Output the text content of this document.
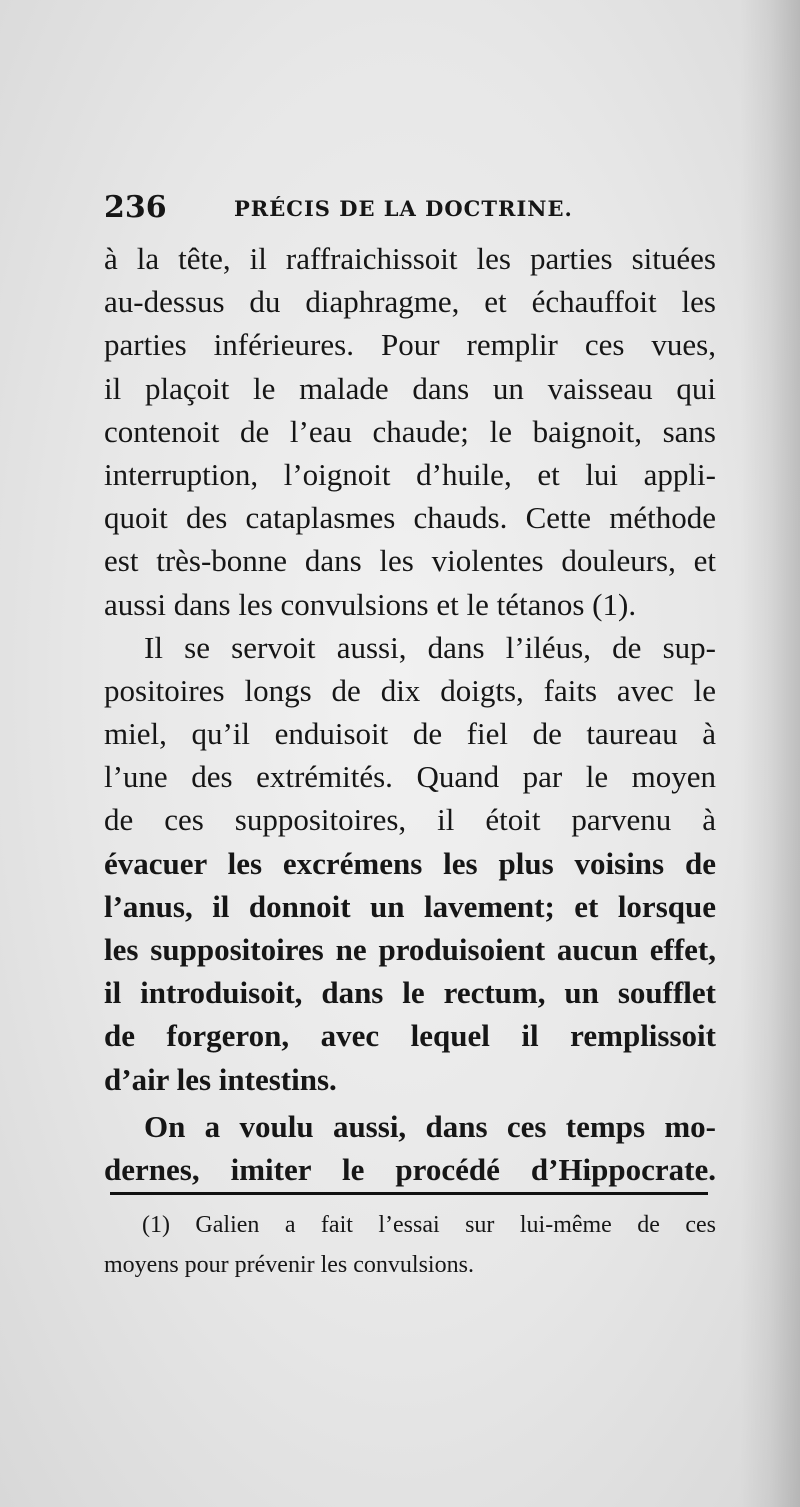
236	PRÉCIS DE LA DOCTRINE.

à la tête, il raffraichissoit les parties situées
au-dessus du diaphragme, et échauffoit les
parties inférieures. Pour remplir ces vues,
il plaçoit le malade dans un vaisseau qui
contenoit de l’eau chaude; le baignoit, sans
interruption, l’oignoit d’huile, et lui appli-
quoit des cataplasmes chauds. Cette méthode
est très-bonne dans les violentes douleurs, et
aussi dans les convulsions et le tétanos (1).

Il se servoit aussi, dans l’iléus, de sup-
positoires longs de dix doigts, faits avec le
miel, qu’il enduisoit de fiel de taureau à
l’une des extrémités. Quand par le moyen
de ces suppositoires, il étoit parvenu à
évacuer les excrémens les plus voisins de
l’anus, il donnoit un lavement; et lorsque
les suppositoires ne produisoient aucun effet,
il introduisoit, dans le rectum, un soufflet
de forgeron, avec lequel il remplissoit
d’air les intestins.

On a voulu aussi, dans ces temps mo-
dernes, imiter le procédé d’Hippocrate.

(1) Galien a fait l’essai sur lui-même de ces
moyens pour prévenir les convulsions.
